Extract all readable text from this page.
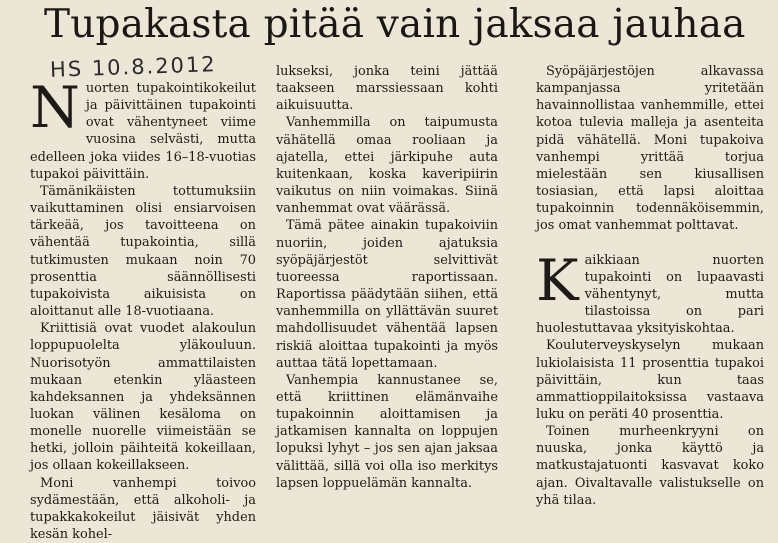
Tupakasta pitää vain jaksaa jauhaa
HS 10.8.2012

Nuorten tupakointikokeilut ja päivittäinen tupakointi ovat vähentyneet viime vuosina selvästi, mutta edelleen joka viides 16–18-vuotias tupakoi päivittäin.

Tämänikäisten tottumuksiin vaikuttaminen olisi ensiarvoisen tärkeää, jos tavoitteena on vähentää tupakointia, sillä tutkimusten mukaan noin 70 prosenttia säännöllisesti tupakoivista aikuisista on aloittanut alle 18-vuotiaana.

Kriittisiä ovat vuodet alakoulun loppupuolelta yläkouluun. Nuorisotyön ammattilaisten mukaan etenkin yläasteen kahdeksannen ja yhdeksännen luokan välinen kesäloma on monelle nuorelle viimeistään se hetki, jolloin päihteitä kokeillaan, jos ollaan kokeillakseen.

Moni vanhempi toivoo sydämestään, että alkoholi- ja tupakkakokeilut jäisivät yhden kesän kohel-

lukseksi, jonka teini jättää taakseen marssiessaan kohti aikuisuutta.

Vanhemmilla on taipumusta vähätellä omaa rooliaan ja ajatella, ettei järkipuhe auta kuitenkaan, koska kaveripiirin vaikutus on niin voimakas. Siinä vanhemmat ovat väärässä.

Tämä pätee ainakin tupakoiviin nuoriin, joiden ajatuksia syöpäjärjestöt selvittivät tuoreessa raportissaan. Raportissa päädytään siihen, että vanhemmilla on yllättävän suuret mahdollisuudet vähentää lapsen riskiä aloittaa tupakointi ja myös auttaa tätä lopettamaan.

Vanhempia kannustanee se, että kriittinen elämänvaihe tupakoinnin aloittamisen ja jatkamisen kannalta on loppujen lopuksi lyhyt – jos sen ajan jaksaa välittää, sillä voi olla iso merkitys lapsen loppuelämän kannalta.

Syöpäjärjestöjen alkavassa kampanjassa yritetään havainnollistaa vanhemmille, ettei kotoa tulevia malleja ja asenteita pidä vähätellä. Moni tupakoiva vanhempi yrittää torjua mielestään sen kiusallisen tosiasian, että lapsi aloittaa tupakoinnin todennäköisemmin, jos omat vanhemmat polttavat.

Kaikkiaan nuorten tupakointi on lupaavasti vähentynyt, mutta tilastoissa on pari huolestuttavaa yksityiskohtaa.

Kouluterveyskyselyn mukaan lukiolaisista 11 prosenttia tupakoi päivittäin, kun taas ammattioppilaitoksissa vastaava luku on peräti 40 prosenttia.

Toinen murheenkryyni on nuuska, jonka käyttö ja matkustajatuonti kasvavat koko ajan. Oivaltavalle valistukselle on yhä tilaa.
